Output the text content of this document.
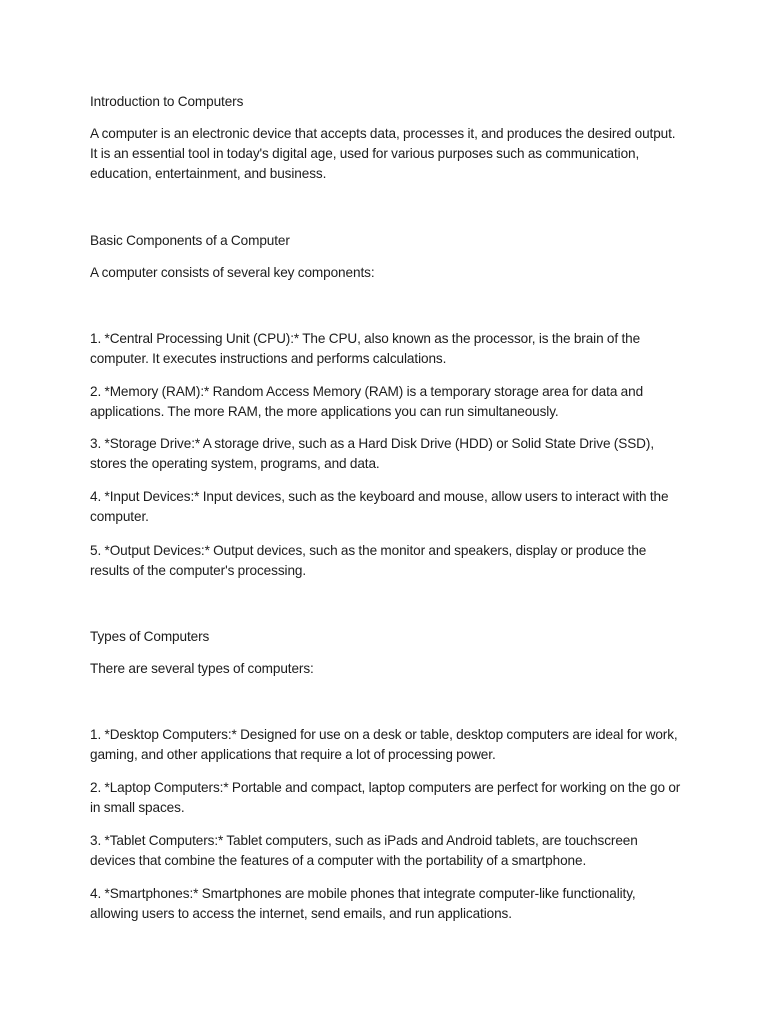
Introduction to Computers

A computer is an electronic device that accepts data, processes it, and produces the desired output. It is an essential tool in today's digital age, used for various purposes such as communication, education, entertainment, and business.

Basic Components of a Computer

A computer consists of several key components:

1. *Central Processing Unit (CPU):* The CPU, also known as the processor, is the brain of the computer. It executes instructions and performs calculations.

2. *Memory (RAM):* Random Access Memory (RAM) is a temporary storage area for data and applications. The more RAM, the more applications you can run simultaneously.

3. *Storage Drive:* A storage drive, such as a Hard Disk Drive (HDD) or Solid State Drive (SSD), stores the operating system, programs, and data.

4. *Input Devices:* Input devices, such as the keyboard and mouse, allow users to interact with the computer.

5. *Output Devices:* Output devices, such as the monitor and speakers, display or produce the results of the computer's processing.

Types of Computers

There are several types of computers:

1. *Desktop Computers:* Designed for use on a desk or table, desktop computers are ideal for work, gaming, and other applications that require a lot of processing power.

2. *Laptop Computers:* Portable and compact, laptop computers are perfect for working on the go or in small spaces.

3. *Tablet Computers:* Tablet computers, such as iPads and Android tablets, are touchscreen devices that combine the features of a computer with the portability of a smartphone.

4. *Smartphones:* Smartphones are mobile phones that integrate computer-like functionality, allowing users to access the internet, send emails, and run applications.
